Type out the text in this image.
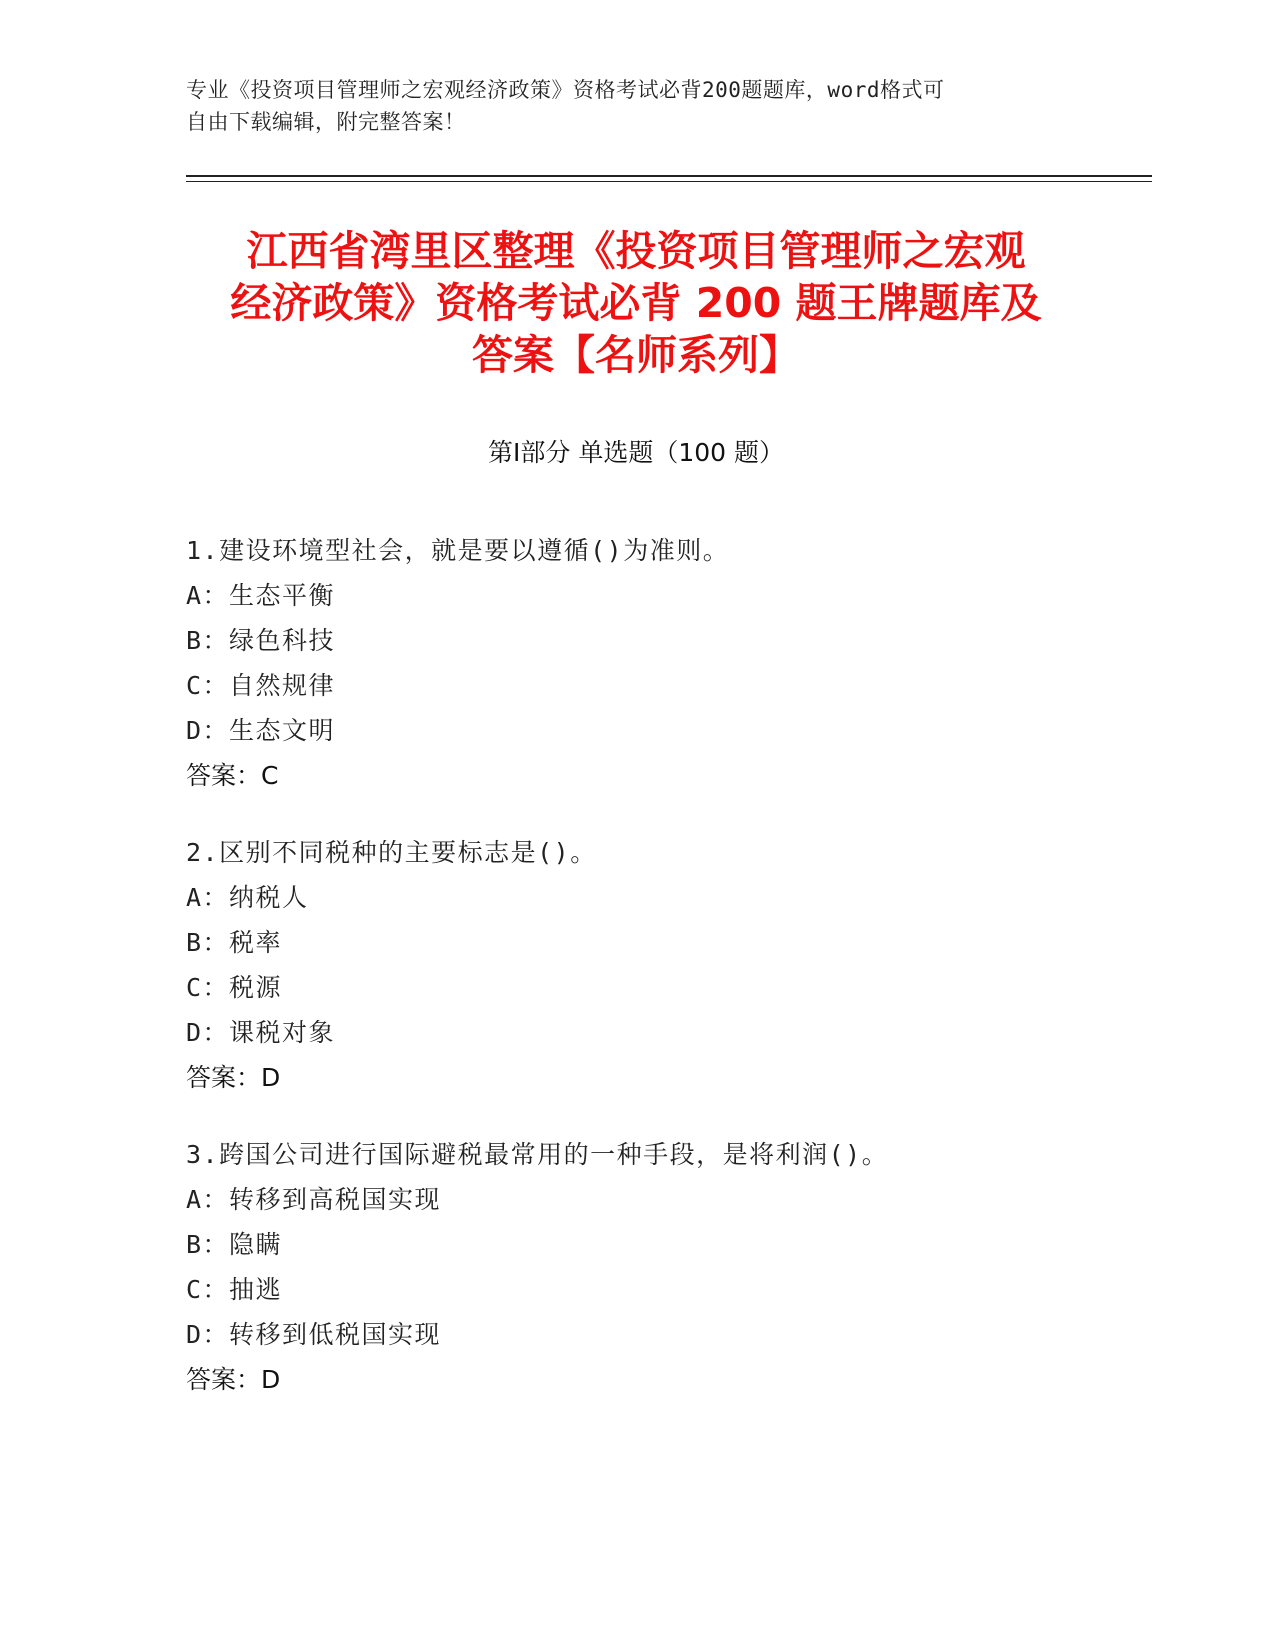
专业《投资项目管理师之宏观经济政策》资格考试必背200题题库，word格式可
自由下载编辑，附完整答案！
江西省湾里区整理《投资项目管理师之宏观
经济政策》资格考试必背 200 题王牌题库及
答案【名师系列】
第Ⅰ部分 单选题（100 题）
1.建设环境型社会，就是要以遵循()为准则。
A：生态平衡
B：绿色科技
C：自然规律
D：生态文明
答案：C
2.区别不同税种的主要标志是()。
A：纳税人
B：税率
C：税源
D：课税对象
答案：D
3.跨国公司进行国际避税最常用的一种手段，是将利润()。
A：转移到高税国实现
B：隐瞒
C：抽逃
D：转移到低税国实现
答案：D
